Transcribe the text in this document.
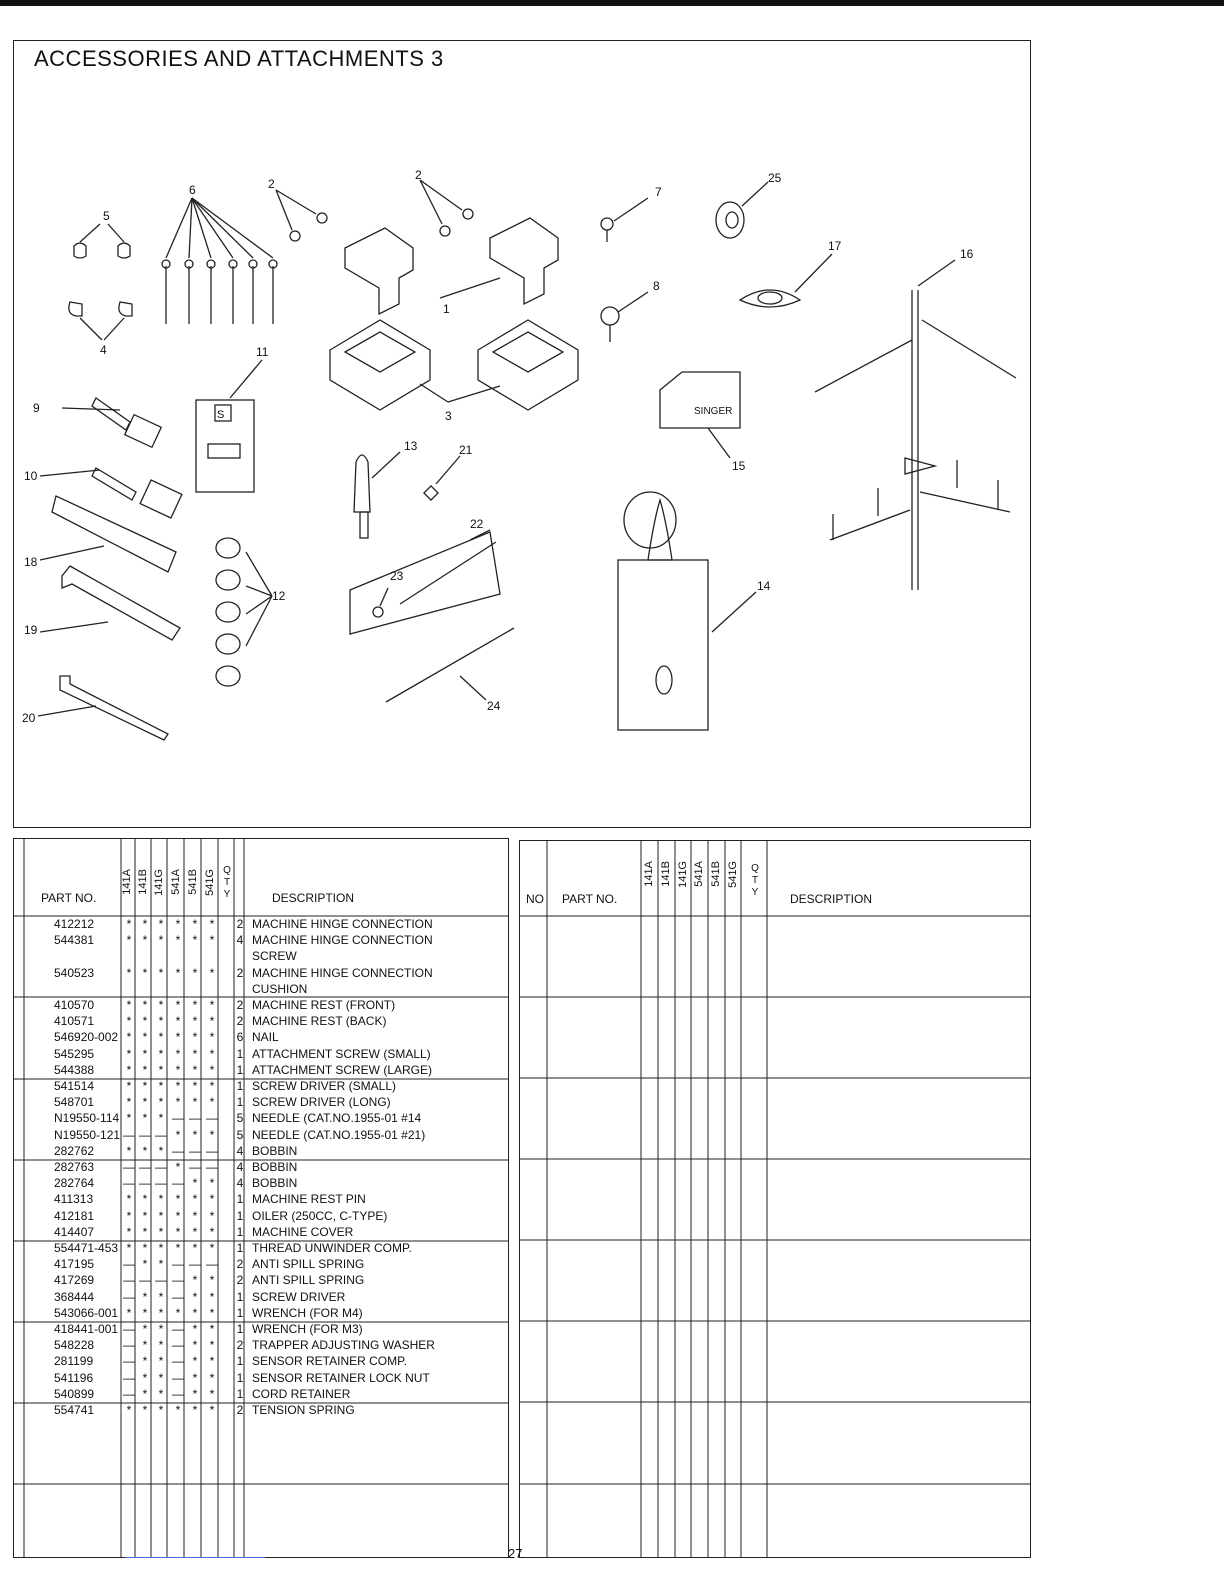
ACCESSORIES AND ATTACHMENTS 3
1
2
2
3
4
5
6	7
8
9
10
11
12
13
14
15
16
17
18
19
20
21
22
23
24
25
S	SINGER
PART NO.
141A 141B 141G 541A 541B 541G Q
T
Y	DESCRIPTION
412212	* * *	*	*	*	2 MACHINE HINGE CONNECTION
544381	* * *	*	*	*	4 MACHINE HINGE CONNECTION
SCREW
540523	* * *	*	*	*	2 MACHINE HINGE CONNECTION
CUSHION
410570	* * *	*	*	*	2 MACHINE REST (FRONT)
410571	* * *	*	*	*	2 MACHINE REST (BACK)
546920-002 * * *	*	*	*	6 NAIL
545295	* * *	*	*	*	1 ATTACHMENT SCREW (SMALL)
544388	* * *	*	*	*	1 ATTACHMENT SCREW (LARGE)
541514	* * *	*	*	*	1 SCREW DRIVER (SMALL)
548701	* * *	*	*	*	1 SCREW DRIVER (LONG)
N19550-114 * * * — — — 5 NEEDLE (CAT.NO.1955-01 #14
N19550-121 — — — *	*	*	5 NEEDLE (CAT.NO.1955-01 #21)
282762	* * * — — — 4 BOBBIN
282763 — — — * — — 4 BOBBIN
282764 — — — — *	*	4 BOBBIN
411313	* * *	*	*	*	1 MACHINE REST PIN
412181	* * *	*	*	*	1 OILER (250CC, C-TYPE)
414407	* * *	*	*	*	1 MACHINE COVER
554471-453 * * *	*	*	*	1 THREAD UNWINDER COMP.
417195 — * * — — — 2 ANTI SPILL SPRING
417269 — — — — *	*	2 ANTI SPILL SPRING
368444 — * * — *	*	1 SCREW DRIVER
543066-001 * * *	*	*	*	1 WRENCH (FOR M4)
418441-001 — * * — *	*	1 WRENCH (FOR M3)
548228 — * * — *	*	2 TRAPPER ADJUSTING WASHER
281199 — * * — *	*	1 SENSOR RETAINER COMP.
541196 — * * — *	*	1 SENSOR RETAINER LOCK NUT
540899 — * * — *	*	1 CORD RETAINER
554741	* * *	*	*	*	2 TENSION SPRING
NO PART NO.
141A 141B 141G 541A 541B 541G Q
T
Y	DESCRIPTION
27
